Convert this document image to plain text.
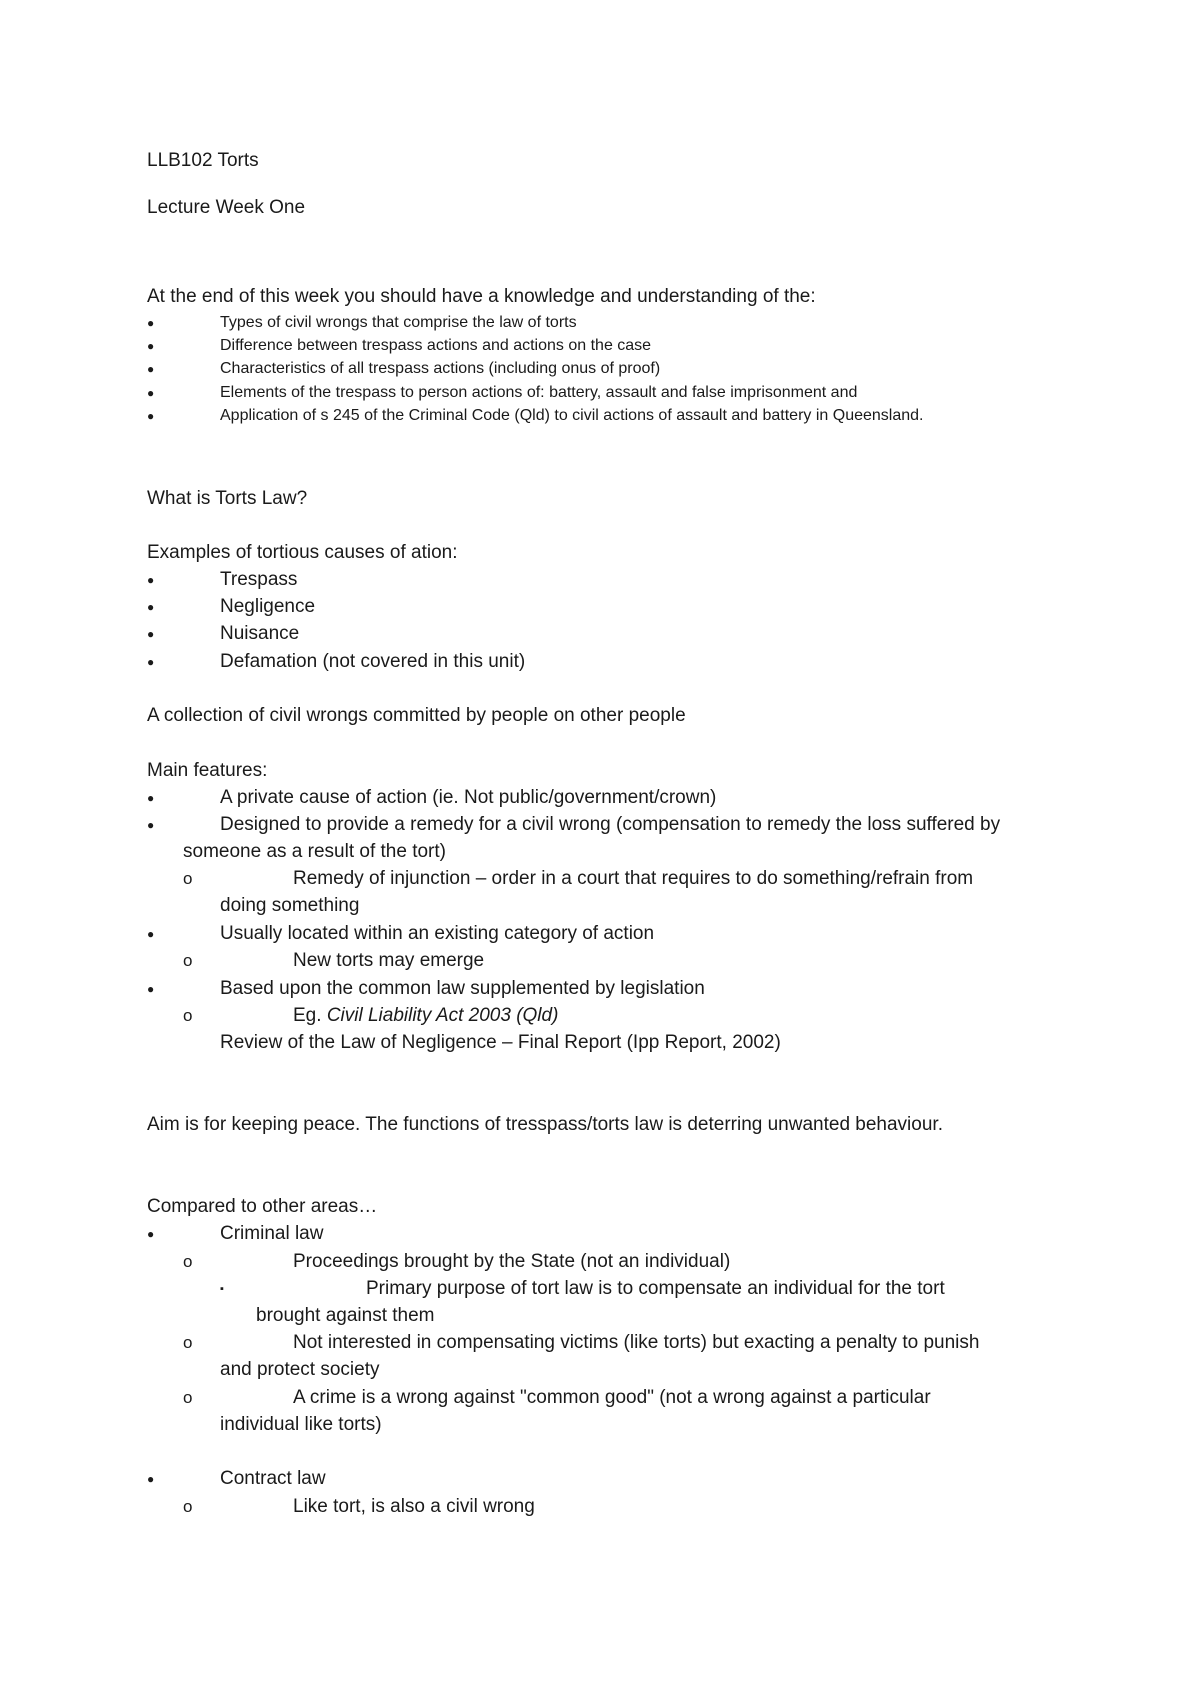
LLB102 Torts
Lecture Week One
At the end of this week you should have a knowledge and understanding of the:
●	Types of civil wrongs that comprise the law of torts
●	Difference between trespass actions and actions on the case
●	Characteristics of all trespass actions (including onus of proof)
●	Elements of the trespass to person actions of: battery, assault and false imprisonment and
●	Application of s 245 of the Criminal Code (Qld) to civil actions of assault and battery in Queensland.
What is Torts Law?
Examples of tortious causes of ation:
●	Trespass
●	Negligence
●	Nuisance
●	Defamation (not covered in this unit)
A collection of civil wrongs committed by people on other people
Main features:
●	A private cause of action (ie. Not public/government/crown)
●	Designed to provide a remedy for a civil wrong (compensation to remedy the loss suffered by
someone as a result of the tort)
o	Remedy of injunction – order in a court that requires to do something/refrain from
doing something
●	Usually located within an existing category of action
o	New torts may emerge
●	Based upon the common law supplemented by legislation
o	Eg. Civil Liability Act 2003 (Qld)
Review of the Law of Negligence – Final Report (Ipp Report, 2002)
Aim is for keeping peace. The functions of tresspass/torts law is deterring unwanted behaviour.
Compared to other areas…
●	Criminal law
o	Proceedings brought by the State (not an individual)
▪	Primary purpose of tort law is to compensate an individual for the tort
brought against them
o	Not interested in compensating victims (like torts) but exacting a penalty to punish
and protect society
o	A crime is a wrong against "common good" (not a wrong against a particular
individual like torts)
●	Contract law
o	Like tort, is also a civil wrong
